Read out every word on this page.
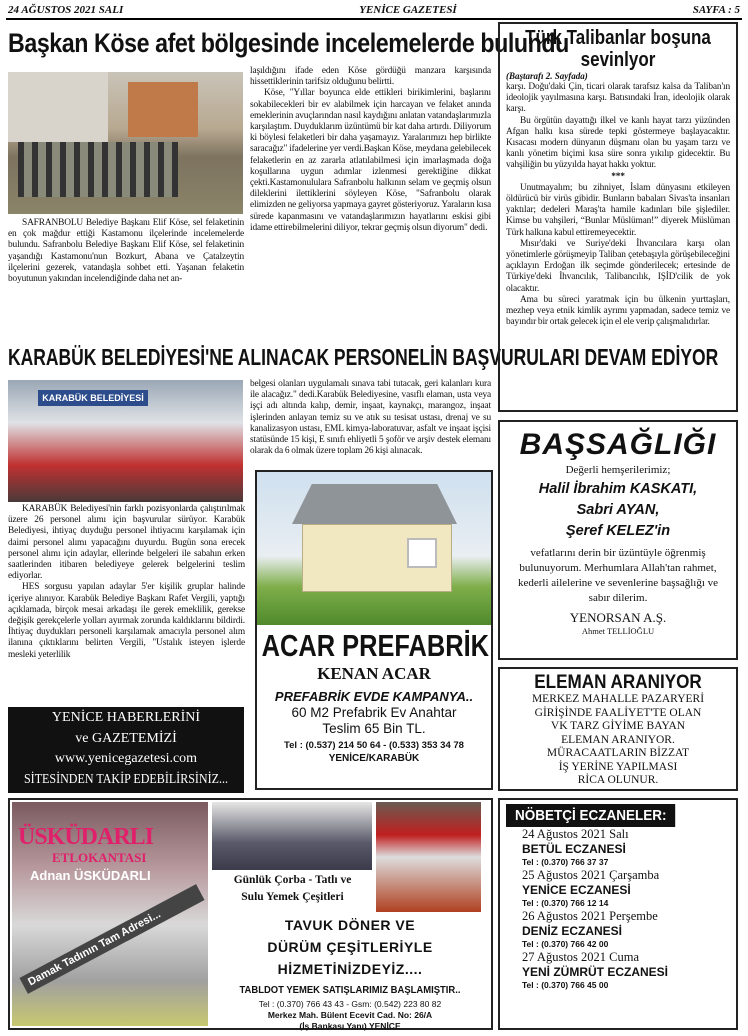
24 AĞUSTOS 2021 SALI	YENİCE GAZETESİ	SAYFA : 5
Başkan Köse afet bölgesinde incelemelerde bulundu

SAFRANBOLU Belediye Başkanı Elif Köse, sel felaketinin en çok mağdur ettiği Kastamonu ilçelerinde incelemelerde bulundu. Safranbolu Belediye Başkanı Elif Köse, sel felaketinin yaşandığı Kastamonu'nun Bozkurt, Abana ve Çatalzeytin ilçelerini gezerek, vatandaşla sohbet etti. Yaşanan felaketin boyutunun yakından incelendiğinde daha net an-

laşıldığını ifade eden Köse gördüğü manzara karşısında hissettiklerinin tarifsiz olduğunu belirtti.

Köse, "Yıllar boyunca elde ettikleri birikimlerini, başlarını sokabilecekleri bir ev alabilmek için harcayan ve felaket anında emeklerinin avuçlarından nasıl kaydığını anlatan vatandaşlarımızla karşılaştım. Duyduklarım üzüntümü bir kat daha artırdı. Diliyorum ki böylesi felaketleri bir daha yaşamayız. Yaralarımızı hep birlikte saracağız" ifadelerine yer verdi.Başkan Köse, meydana gelebilecek felaketlerin en az zararla atlatılabilmesi için imarlaşmada doğa koşullarına uygun adımlar izlenmesi gerektiğine dikkat çekti.Kastamonululara Safranbolu halkının selam ve geçmiş olsun dileklerini ilettiklerini söyleyen Köse, "Safranbolu olarak elimizden ne geliyorsa yapmaya gayret gösteriyoruz. Yaraların kısa sürede kapanmasını ve vatandaşlarımızın hayatlarını eskisi gibi idame ettirebilmelerini diliyor, tekrar geçmiş olsun diyorum" dedi.

KARABÜK BELEDİYESİ'NE ALINACAK PERSONELİN BAŞVURULARI DEVAM EDİYOR
KARABÜK BELEDİYESİ

KARABÜK Belediyesi'nin farklı pozisyonlarda çalıştırılmak üzere 26 personel alımı için başvurular sürüyor. Karabük Belediyesi, ihtiyaç duyduğu personel ihtiyacını karşılamak için daimi personel alımı yapacağını duyurdu. Bugün sona erecek personel alımı için adaylar, ellerinde belgeleri ile sabahın erken saatlerinden itibaren belediyeye gelerek belgelerini teslim ediyorlar.

HES sorgusu yapılan adaylar 5'er kişilik gruplar halinde içeriye alınıyor. Karabük Belediye Başkanı Rafet Vergili, yaptığı açıklamada, birçok mesai arkadaşı ile gerek emeklilik, gerekse değişik gerekçelerle yolları ayırmak zorunda kaldıklarını bildirdi. İhtiyaç duydukları personeli karşılamak amacıyla personel alım ilanına çıktıklarını belirten Vergili, "Ustalık isteyen işlerde mesleki yeterlilik

belgesi olanları uygulamalı sınava tabi tutacak, geri kalanları kura ile alacağız." dedi.Karabük Belediyesine, vasıflı elaman, usta veya işçi adı altında kalıp, demir, inşaat, kaynakçı, marangoz, inşaat işlerinden anlayan temiz su ve atık su tesisat ustası, drenaj ve su kanalizasyon ustası, EML kimya-laboratuvar, asfalt ve inşaat işçisi statüsünde 15 kişi, E sınıfı ehliyetli 5 şoför ve arşiv destek elemanı olarak da 6 olmak üzere toplam 26 kişi alınacak.

YENİCE HABERLERİNİ
ve GAZETEMİZİ
www.yenicegazetesi.com
SİTESİNDEN TAKİP EDEBİLİRSİNİZ...
ACAR PREFABRİK
KENAN ACAR
PREFABRİK EVDE KAMPANYA..
60 M2 Prefabrik Ev Anahtar
Teslim 65 Bin TL.
Tel : (0.537) 214 50 64 - (0.533) 353 34 78
YENİCE/KARABÜK
Türk Talibanlar boşuna
sevinlyor
(Baştarafı 2. Sayfada)

karşı. Doğu'daki Çin, ticari olarak tarafsız kalsa da Taliban'ın ideolojik yayılmasına karşı. Batısındaki İran, ideolojik olarak karşı.

Bu örgütün dayattığı ilkel ve kanlı hayat tarzı yüzünden Afgan halkı kısa sürede tepki göstermeye başlayacaktır. Kısacası modern dünyanın düşmanı olan bu yaşam tarzı ve kanlı yönetim biçimi kısa süre sonra yıkılıp gidecektir. Bu vahşiliğin bu yüzyılda hayat hakkı yoktur.

***

Unutmayalım; bu zihniyet, İslam dünyasını etkileyen öldürücü bir virüs gibidir. Bunların babaları Sivas'ta insanları yaktılar; dedeleri Maraş'ta hamile kadınları bile şişlediler. Kimse bu vahşileri, “Bunlar Müslüman!” diyerek Müslüman Türk halkına kabul ettiremeyecektir.

Mısır'daki ve Suriye'deki İhvancılara karşı olan yönetimlerle görüşmeyip Taliban çetebaşıyla görüşebileceğini açıklayın Erdoğan ilk seçimde gönderilecek; ertesinde de Türkiye'deki İhvancılık, Talibancılık, IŞİD'cilik de yok olacaktır.

Ama bu süreci yaratmak için bu ülkenin yurttaşları, mezhep veya etnik kimlik ayrımı yapmadan, sadece temiz ve bayındır bir ortak gelecek için el ele verip çalışmalıdırlar.

BAŞSAĞLIĞI
Değerli hemşerilerimiz;
Halil İbrahim KASKATI,
Sabri AYAN,
Şeref KELEZ'in
vefatlarını derin bir üzüntüyle öğrenmiş bulunuyorum. Merhumlara Allah'tan rahmet, kederli ailelerine ve sevenlerine başsağlığı ve sabır dilerim.
YENORSAN A.Ş.
Ahmet TELLİOĞLU
ELEMAN ARANIYOR
MERKEZ MAHALLE PAZARYERİ
GİRİŞİNDE FAALİYET'TE OLAN
VK TARZ GİYİME BAYAN
ELEMAN ARANIYOR.
MÜRACAATLARIN BİZZAT
İŞ YERİNE YAPILMASI
RİCA OLUNUR.
NÖBETÇİ ECZANELER:
24 Ağustos 2021 Salı
BETÜL ECZANESİ
Tel : (0.370) 766 37 37
25 Ağustos 2021 Çarşamba
YENİCE ECZANESİ
Tel : (0.370) 766 12 14
26 Ağustos 2021 Perşembe
DENİZ ECZANESİ
Tel : (0.370) 766 42 00
27 Ağustos 2021 Cuma
YENİ ZÜMRÜT ECZANESİ
Tel : (0.370) 766 45 00
ÜSKÜDARLI
ETLOKANTASI
Adnan ÜSKÜDARLI
Damak Tadının Tam Adresi...
Günlük Çorba - Tatlı ve
Sulu Yemek Çeşitleri
TAVUK DÖNER VE
DÜRÜM ÇEŞİTLERİYLE
HİZMETİNİZDEYİZ....
TABLDOT YEMEK SATIŞLARIMIZ BAŞLAMIŞTIR..
Tel : (0.370) 766 43 43 - Gsm: (0.542) 223 80 82
Merkez Mah. Bülent Ecevit Cad. No: 26/A
(İş Bankası Yanı) YENİCE
